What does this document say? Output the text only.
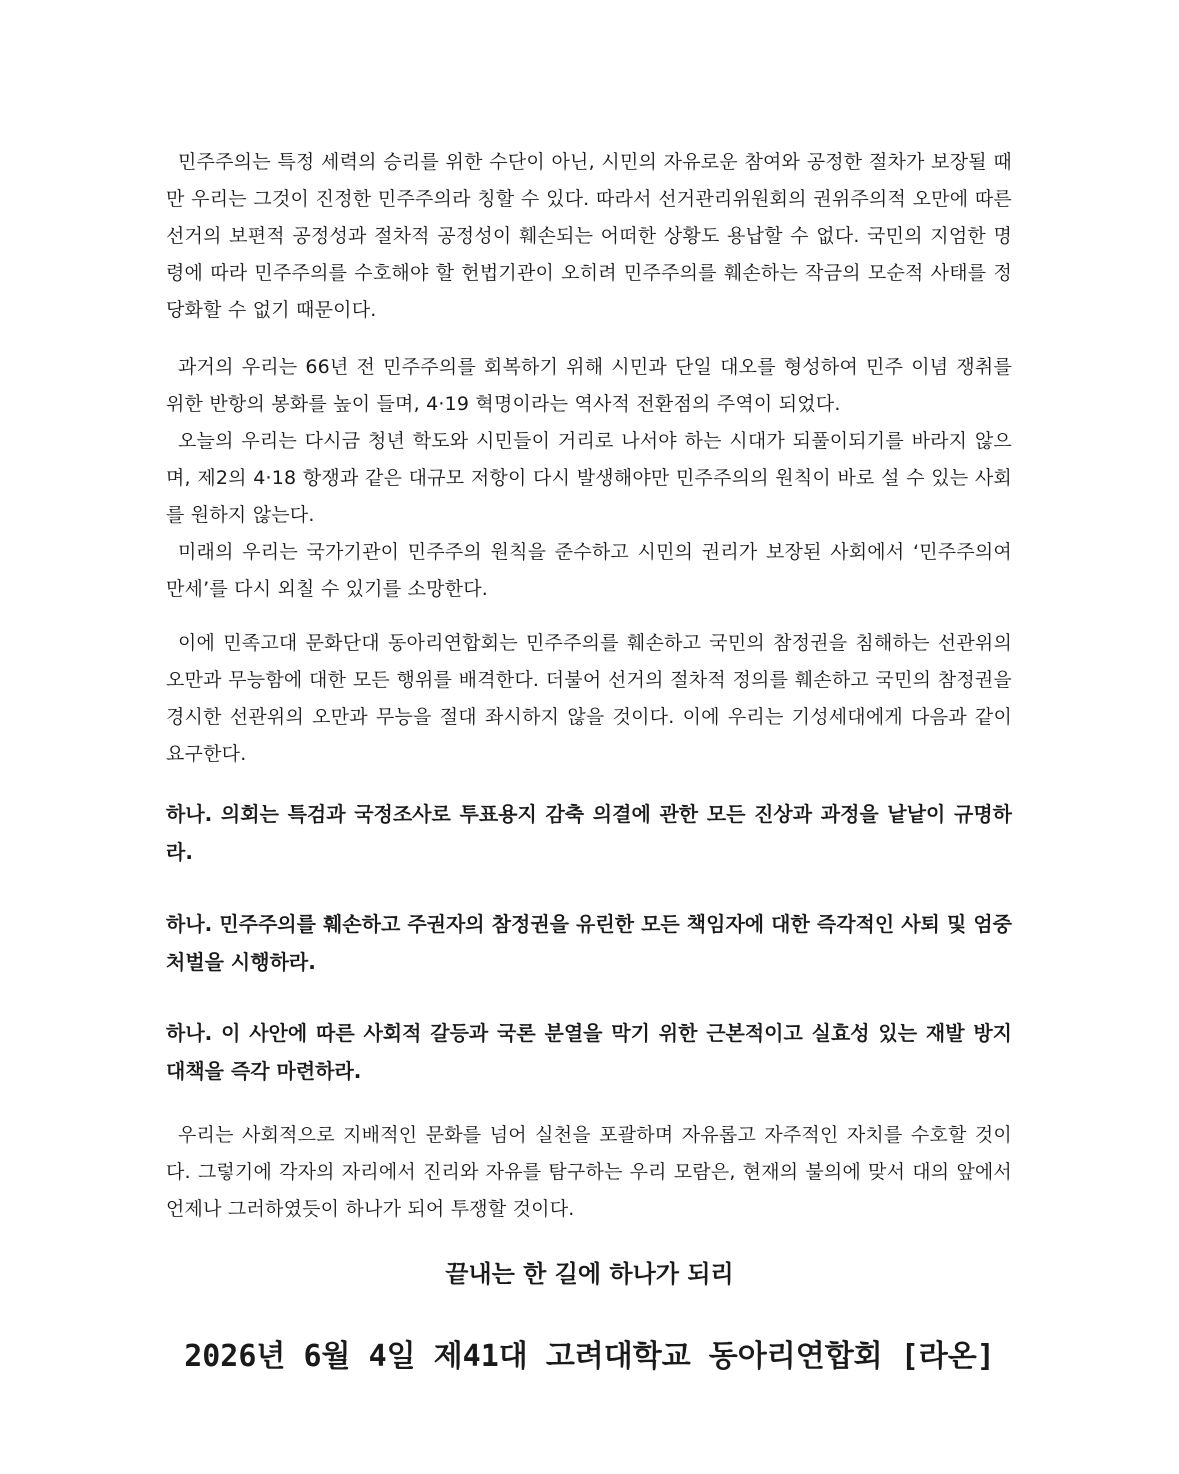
민주주의는 특정 세력의 승리를 위한 수단이 아닌, 시민의 자유로운 참여와 공정한 절차가 보장될 때만 우리는 그것이 진정한 민주주의라 칭할 수 있다. 따라서 선거관리위원회의 권위주의적 오만에 따른 선거의 보편적 공정성과 절차적 공정성이 훼손되는 어떠한 상황도 용납할 수 없다. 국민의 지엄한 명령에 따라 민주주의를 수호해야 할 헌법기관이 오히려 민주주의를 훼손하는 작금의 모순적 사태를 정당화할 수 없기 때문이다.

과거의 우리는 66년 전 민주주의를 회복하기 위해 시민과 단일 대오를 형성하여 민주 이념 쟁취를 위한 반항의 봉화를 높이 들며, 4·19 혁명이라는 역사적 전환점의 주역이 되었다.

오늘의 우리는 다시금 청년 학도와 시민들이 거리로 나서야 하는 시대가 되풀이되기를 바라지 않으며, 제2의 4·18 항쟁과 같은 대규모 저항이 다시 발생해야만 민주주의의 원칙이 바로 설 수 있는 사회를 원하지 않는다.

미래의 우리는 국가기관이 민주주의 원칙을 준수하고 시민의 권리가 보장된 사회에서 ‘민주주의여 만세’를 다시 외칠 수 있기를 소망한다.

이에 민족고대 문화단대 동아리연합회는 민주주의를 훼손하고 국민의 참정권을 침해하는 선관위의 오만과 무능함에 대한 모든 행위를 배격한다. 더불어 선거의 절차적 정의를 훼손하고 국민의 참정권을 경시한 선관위의 오만과 무능을 절대 좌시하지 않을 것이다. 이에 우리는 기성세대에게 다음과 같이 요구한다.

하나. 의회는 특검과 국정조사로 투표용지 감축 의결에 관한 모든 진상과 과정을 낱낱이 규명하라.

하나. 민주주의를 훼손하고 주권자의 참정권을 유린한 모든 책임자에 대한 즉각적인 사퇴 및 엄중 처벌을 시행하라.

하나. 이 사안에 따른 사회적 갈등과 국론 분열을 막기 위한 근본적이고 실효성 있는 재발 방지 대책을 즉각 마련하라.

우리는 사회적으로 지배적인 문화를 넘어 실천을 포괄하며 자유롭고 자주적인 자치를 수호할 것이다. 그렇기에 각자의 자리에서 진리와 자유를 탐구하는 우리 모람은, 현재의 불의에 맞서 대의 앞에서 언제나 그러하였듯이 하나가 되어 투쟁할 것이다.

끝내는 한 길에 하나가 되리
2026년 6월 4일 제41대 고려대학교 동아리연합회 [라온]
